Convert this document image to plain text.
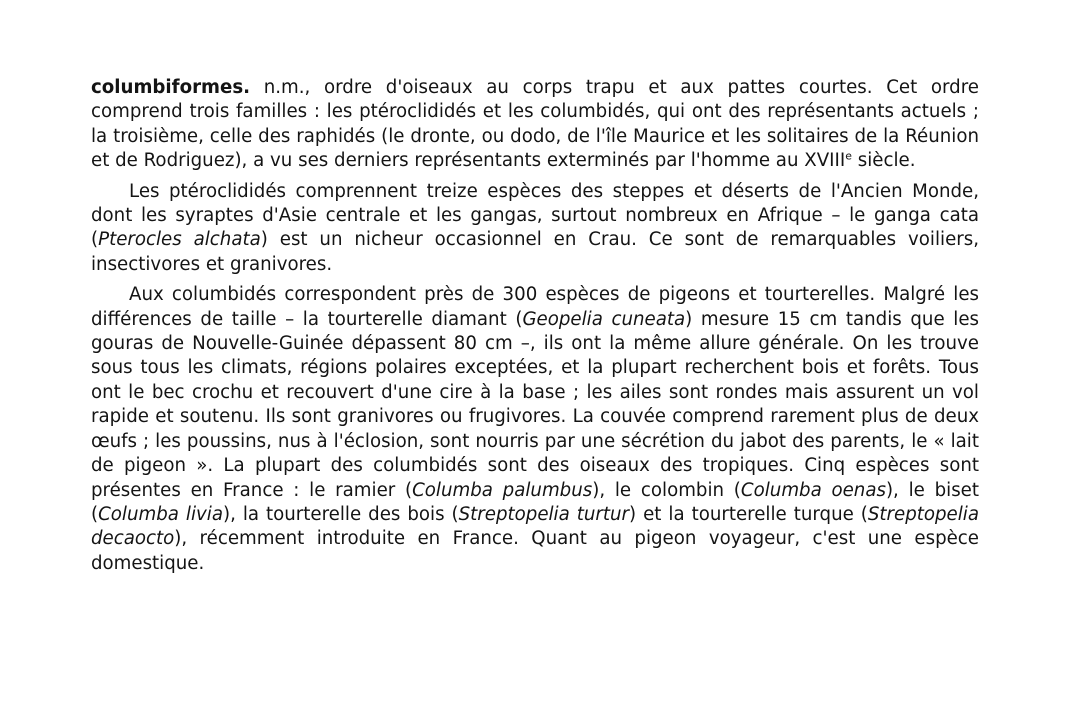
columbiformes. n.m., ordre d'oiseaux au corps trapu et aux pattes courtes. Cet ordre comprend trois familles : les ptéroclididés et les columbidés, qui ont des représentants actuels ; la troisième, celle des raphidés (le dronte, ou dodo, de l'île Maurice et les solitaires de la Réunion et de Rodriguez), a vu ses derniers représentants exterminés par l'homme au XVIIIe siècle.

Les ptéroclididés comprennent treize espèces des steppes et déserts de l'Ancien Monde, dont les syraptes d'Asie centrale et les gangas, surtout nombreux en Afrique – le ganga cata (Pterocles alchata) est un nicheur occasionnel en Crau. Ce sont de remarquables voiliers, insectivores et granivores.

Aux columbidés correspondent près de 300 espèces de pigeons et tourterelles. Malgré les différences de taille – la tourterelle diamant (Geopelia cuneata) mesure 15 cm tandis que les gouras de Nouvelle-Guinée dépassent 80 cm –, ils ont la même allure générale. On les trouve sous tous les climats, régions polaires exceptées, et la plupart recherchent bois et forêts. Tous ont le bec crochu et recouvert d'une cire à la base ; les ailes sont rondes mais assurent un vol rapide et soutenu. Ils sont granivores ou frugivores. La couvée comprend rarement plus de deux œufs ; les poussins, nus à l'éclosion, sont nourris par une sécrétion du jabot des parents, le « lait de pigeon ». La plupart des columbidés sont des oiseaux des tropiques. Cinq espèces sont présentes en France : le ramier (Columba palumbus), le colombin (Columba oenas), le biset (Columba livia), la tourterelle des bois (Streptopelia turtur) et la tourterelle turque (Streptopelia decaocto), récemment introduite en France. Quant au pigeon voyageur, c'est une espèce domestique.
